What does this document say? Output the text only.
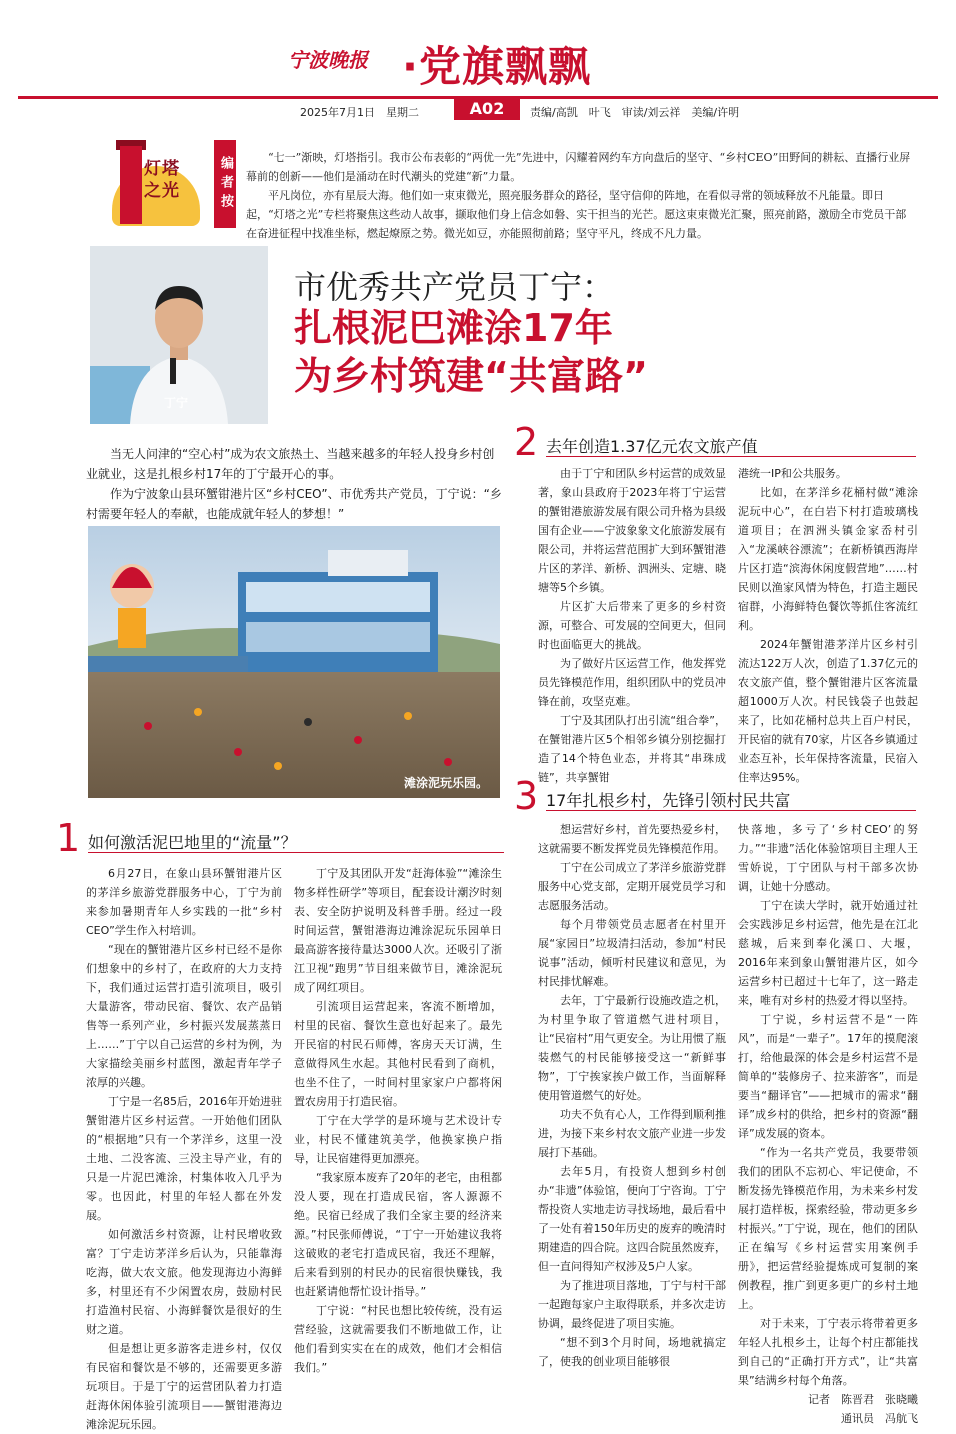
宁波晚报 ·党旗飘飘
2025年7月1日　星期二	A02	责编/高凯　叶飞　审读/刘云祥　美编/许明
灯塔之光	编者按	“七一”渐映，灯塔指引。我市公布表彰的“两优一先”先进中，闪耀着网约车方向盘后的坚守、“乡村CEO”田野间的耕耘、直播行业屏幕前的创新——他们是涌动在时代潮头的党建“新”力量。

平凡岗位，亦有星辰大海。他们如一束束微光，照亮服务群众的路径，坚守信仰的阵地，在看似寻常的领域释放不凡能量。即日起，“灯塔之光”专栏将聚焦这些动人故事，撷取他们身上信念如磐、实干担当的光芒。愿这束束微光汇聚，照亮前路，激励全市党员干部在奋进征程中找准坐标，燃起燎原之势。微光如豆，亦能照彻前路；坚守平凡，终成不凡力量。

丁宁
市优秀共产党员丁宁：
扎根泥巴滩涂17年
为乡村筑建“共富路”

当无人问津的“空心村”成为农文旅热土、当越来越多的年轻人投身乡村创业就业，这是扎根乡村17年的丁宁最开心的事。

作为宁波象山县环蟹钳港片区“乡村CEO”、市优秀共产党员，丁宁说：“乡村需要年轻人的奉献，也能成就年轻人的梦想！”

滩涂泥玩乐园。
1 如何激活泥巴地里的“流量”？

6月27日，在象山县环蟹钳港片区的茅洋乡旅游党群服务中心，丁宁为前来参加暑期青年人乡实践的一批“乡村CEO”学生作入村培训。

“现在的蟹钳港片区乡村已经不是你们想象中的乡村了，在政府的大力支持下，我们通过运营打造引流项目，吸引大量游客，带动民宿、餐饮、农产品销售等一系列产业，乡村振兴发展蒸蒸日上……”丁宁以自己运营的乡村为例，为大家描绘美丽乡村蓝图，激起青年学子浓厚的兴趣。

丁宁是一名85后，2016年开始进驻蟹钳港片区乡村运营。一开始他们团队的“根据地”只有一个茅洋乡，这里一没土地、二没客流、三没主导产业，有的只是一片泥巴滩涂，村集体收入几乎为零。也因此，村里的年轻人都在外发展。

如何激活乡村资源，让村民增收致富？丁宁走访茅洋乡后认为，只能靠海吃海，做大农文旅。他发现海边小海鲜多，村里还有不少闲置农房，鼓励村民打造渔村民宿、小海鲜餐饮是很好的生财之道。

但是想让更多游客走进乡村，仅仅有民宿和餐饮是不够的，还需要更多游玩项目。于是丁宁的运营团队着力打造赶海休闲体验引流项目——蟹钳港海边滩涂泥玩乐园。

丁宁及其团队开发“赶海体验”“滩涂生物多样性研学”等项目，配套设计潮汐时刻表、安全防护说明及科普手册。经过一段时间运营，蟹钳港海边滩涂泥玩乐园单日最高游客接待量达3000人次。还吸引了浙江卫视“跑男”节目组来做节目，滩涂泥玩成了网红项目。

引流项目运营起来，客流不断增加，村里的民宿、餐饮生意也好起来了。最先开民宿的村民石师傅，客房天天订满，生意做得风生水起。其他村民看到了商机，也坐不住了，一时间村里家家户户都将闲置农房用于打造民宿。

丁宁在大学学的是环境与艺术设计专业，村民不懂建筑美学，他换家换户指导，让民宿建得更加漂亮。

“我家原本废弃了20年的老宅，由租都没人要，现在打造成民宿，客人源源不绝。民宿已经成了我们全家主要的经济来源。”村民张师傅说，“丁宁一开始建议我将这破败的老宅打造成民宿，我还不理解，后来看到别的村民办的民宿很快赚钱，我也赶紧请他帮忙设计指导。”

丁宁说：“村民也想比较传统，没有运营经验，这就需要我们不断地做工作，让他们看到实实在在的成效，他们才会相信我们。”

2 去年创造1.37亿元农文旅产值

由于丁宁和团队乡村运营的成效显著，象山县政府于2023年将丁宁运营的蟹钳港旅游发展有限公司升格为县级国有企业——宁波象象文化旅游发展有限公司，并将运营范围扩大到环蟹钳港片区的茅洋、新桥、泗洲头、定塘、晓塘等5个乡镇。

片区扩大后带来了更多的乡村资源，可整合、可发展的空间更大，但同时也面临更大的挑战。

为了做好片区运营工作，他发挥党员先锋模范作用，组织团队中的党员冲锋在前，攻坚克难。

丁宁及其团队打出引流“组合拳”，在蟹钳港片区5个相邻乡镇分别挖掘打造了14个特色业态，并将其“串珠成链”，共享蟹钳

港统一IP和公共服务。

比如，在茅洋乡花桶村做“滩涂泥玩中心”，在白岩下村打造玻璃栈道项目；在泗洲头镇金家岙村引入“龙溪峡谷漂流”；在新桥镇西海岸片区打造“滨海休闲度假营地”……村民则以渔家风情为特色，打造主题民宿群，小海鲜特色餐饮等抓住客流红利。

2024年蟹钳港茅洋片区乡村引流达122万人次，创造了1.37亿元的农文旅产值，整个蟹钳港片区客流量超1000万人次。村民钱袋子也鼓起来了，比如花桶村总共上百户村民，开民宿的就有70家，片区各乡镇通过业态互补，长年保持客流量，民宿入住率达95%。

3 17年扎根乡村，先锋引领村民共富

想运营好乡村，首先要热爱乡村，这就需要不断发挥党员先锋模范作用。

丁宁在公司成立了茅洋乡旅游党群服务中心党支部，定期开展党员学习和志愿服务活动。

每个月带领党员志愿者在村里开展“家园日”垃圾清扫活动，参加“村民说事”活动，倾听村民建议和意见，为村民排忧解难。

去年，丁宁最新行设施改造之机，为村里争取了管道燃气进村项目，让“民宿村”用气更安全。为让用惯了瓶装燃气的村民能够接受这一“新鲜事物”，丁宁挨家挨户做工作，当面解释使用管道燃气的好处。

功夫不负有心人，工作得到顺利推进，为接下来乡村农文旅产业进一步发展打下基础。

去年5月，有投资人想到乡村创办“非遗”体验馆，便向丁宁咨询。丁宁帮投资人实地走访寻找场地，最后看中了一处有着150年历史的废弃的晚清时期建造的四合院。这四合院虽然废弃，但一直问得知产权涉及5户人家。

为了推进项目落地，丁宁与村干部一起跑每家户主取得联系，并多次走访协调，最终促进了项目实施。

“想不到3个月时间，场地就搞定了，使我的创业项目能够很

快落地，多亏了‘乡村CEO’的努力。”“非遗”活化体验馆项目主理人王雪娇说，丁宁团队与村干部多次协调，让她十分感动。

丁宁在读大学时，就开始通过社会实践涉足乡村运营，他先是在江北慈城，后来到奉化溪口、大堰，2016年来到象山蟹钳港片区，如今运营乡村已超过十七年了，这一路走来，唯有对乡村的热爱才得以坚持。

丁宁说，乡村运营不是“一阵风”，而是“一辈子”。17年的摸爬滚打，给他最深的体会是乡村运营不是简单的“装修房子、拉来游客”，而是要当“翻译官”——把城市的需求“翻译”成乡村的供给，把乡村的资源“翻译”成发展的资本。

“作为一名共产党员，我要带领我们的团队不忘初心、牢记使命，不断发扬先锋模范作用，为未来乡村发展打造样板，探索经验，带动更多乡村振兴。”丁宁说，现在，他们的团队正在编写《乡村运营实用案例手册》，把运营经验提炼成可复制的案例教程，推广到更多更广的乡村土地上。

对于未来，丁宁表示将带着更多年轻人扎根乡土，让每个村庄都能找到自己的“正确打开方式”，让“共富果”结满乡村每个角落。

记者　陈晋君　张晓曦

通讯员　冯航飞
